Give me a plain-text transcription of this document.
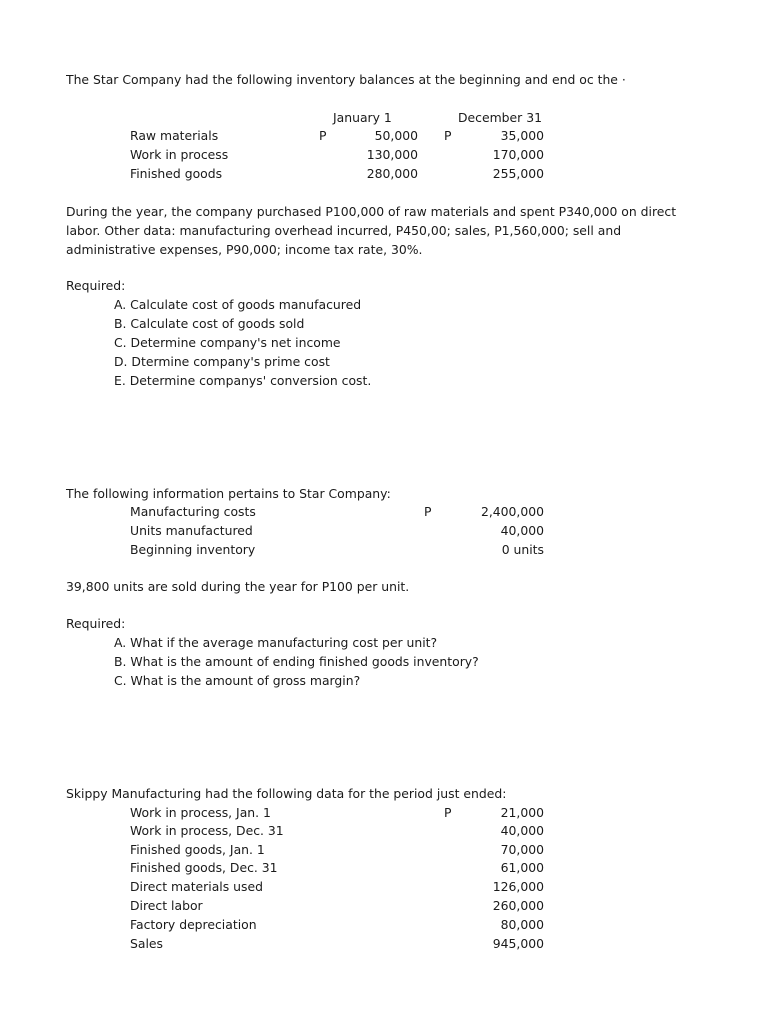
The Star Company had the following inventory balances at the beginning and end oc the ·
January 1	December 31
P	P
Raw materials	50,000	35,000
Work in process	130,000	170,000
Finished goods	280,000	255,000
During the year, the company purchased P100,000 of raw materials and spent P340,000 on direct labor. Other data: manufacturing overhead incurred, P450,00; sales, P1,560,000; sell and administrative expenses, P90,000; income tax rate, 30%.
Required:
A. Calculate cost of goods manufacured
B. Calculate cost of goods sold
C. Determine company's net income
D. Dtermine company's prime cost
E. Determine companys' conversion cost.
The following information pertains to Star Company:
P
Manufacturing costs	2,400,000
Units manufactured	40,000
Beginning inventory	0 units
39,800 units are sold during the year for P100 per unit.
Required:
A. What if the average manufacturing cost per unit?
B. What is the amount of ending finished goods inventory?
C. What is the amount of gross margin?
Skippy Manufacturing had the following data for the period just ended:
P
Work in process, Jan. 1	21,000
Work in process, Dec. 31	40,000
Finished goods, Jan. 1	70,000
Finished goods, Dec. 31	61,000
Direct materials used	126,000
Direct labor	260,000
Factory depreciation	80,000
Sales	945,000
